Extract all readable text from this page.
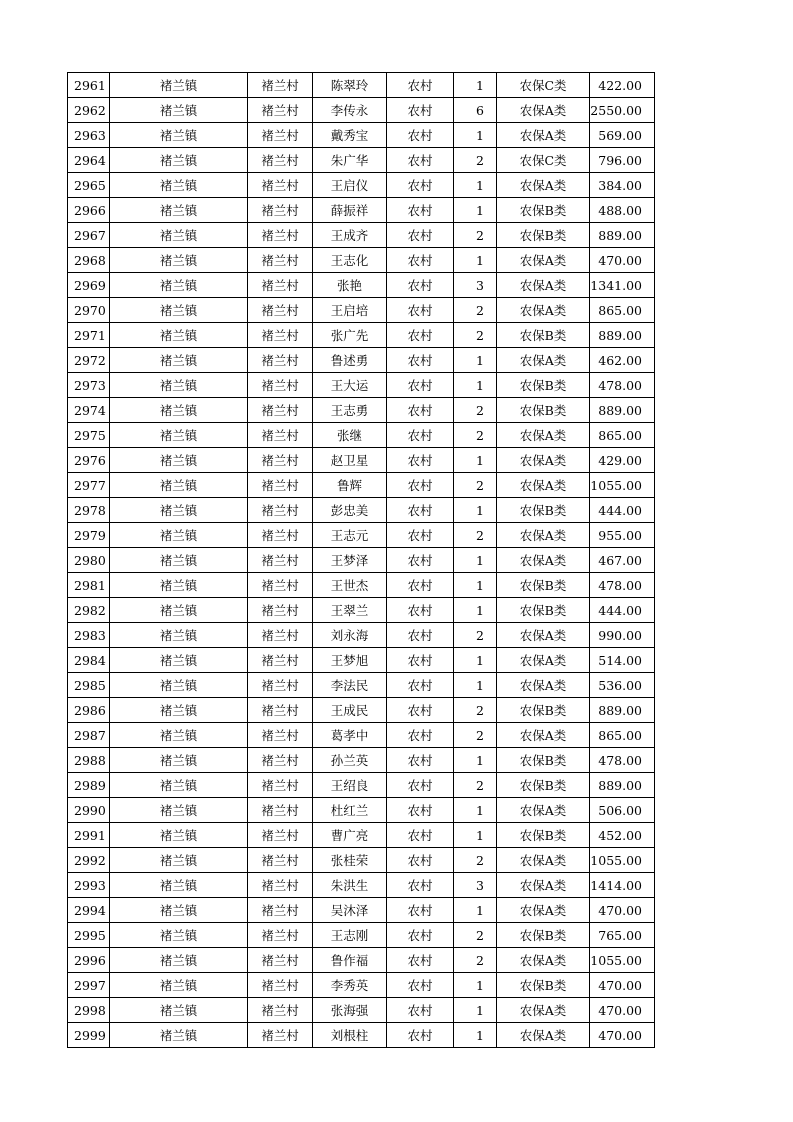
2961	褚兰镇	褚兰村	陈翠玲	农村	1	农保C类	422.00
2962	褚兰镇	褚兰村	李传永	农村	6	农保A类	2550.00
2963	褚兰镇	褚兰村	戴秀宝	农村	1	农保A类	569.00
2964	褚兰镇	褚兰村	朱广华	农村	2	农保C类	796.00
2965	褚兰镇	褚兰村	王启仪	农村	1	农保A类	384.00
2966	褚兰镇	褚兰村	薛振祥	农村	1	农保B类	488.00
2967	褚兰镇	褚兰村	王成齐	农村	2	农保B类	889.00
2968	褚兰镇	褚兰村	王志化	农村	1	农保A类	470.00
2969	褚兰镇	褚兰村	张艳	农村	3	农保A类	1341.00
2970	褚兰镇	褚兰村	王启培	农村	2	农保A类	865.00
2971	褚兰镇	褚兰村	张广先	农村	2	农保B类	889.00
2972	褚兰镇	褚兰村	鲁述勇	农村	1	农保A类	462.00
2973	褚兰镇	褚兰村	王大运	农村	1	农保B类	478.00
2974	褚兰镇	褚兰村	王志勇	农村	2	农保B类	889.00
2975	褚兰镇	褚兰村	张继	农村	2	农保A类	865.00
2976	褚兰镇	褚兰村	赵卫星	农村	1	农保A类	429.00
2977	褚兰镇	褚兰村	鲁辉	农村	2	农保A类	1055.00
2978	褚兰镇	褚兰村	彭忠美	农村	1	农保B类	444.00
2979	褚兰镇	褚兰村	王志元	农村	2	农保A类	955.00
2980	褚兰镇	褚兰村	王梦泽	农村	1	农保A类	467.00
2981	褚兰镇	褚兰村	王世杰	农村	1	农保B类	478.00
2982	褚兰镇	褚兰村	王翠兰	农村	1	农保B类	444.00
2983	褚兰镇	褚兰村	刘永海	农村	2	农保A类	990.00
2984	褚兰镇	褚兰村	王梦旭	农村	1	农保A类	514.00
2985	褚兰镇	褚兰村	李法民	农村	1	农保A类	536.00
2986	褚兰镇	褚兰村	王成民	农村	2	农保B类	889.00
2987	褚兰镇	褚兰村	葛孝中	农村	2	农保A类	865.00
2988	褚兰镇	褚兰村	孙兰英	农村	1	农保B类	478.00
2989	褚兰镇	褚兰村	王绍良	农村	2	农保B类	889.00
2990	褚兰镇	褚兰村	杜红兰	农村	1	农保A类	506.00
2991	褚兰镇	褚兰村	曹广亮	农村	1	农保B类	452.00
2992	褚兰镇	褚兰村	张桂荣	农村	2	农保A类	1055.00
2993	褚兰镇	褚兰村	朱洪生	农村	3	农保A类	1414.00
2994	褚兰镇	褚兰村	吴沐泽	农村	1	农保A类	470.00
2995	褚兰镇	褚兰村	王志刚	农村	2	农保B类	765.00
2996	褚兰镇	褚兰村	鲁作福	农村	2	农保A类	1055.00
2997	褚兰镇	褚兰村	李秀英	农村	1	农保B类	470.00
2998	褚兰镇	褚兰村	张海强	农村	1	农保A类	470.00
2999	褚兰镇	褚兰村	刘根柱	农村	1	农保A类	470.00
